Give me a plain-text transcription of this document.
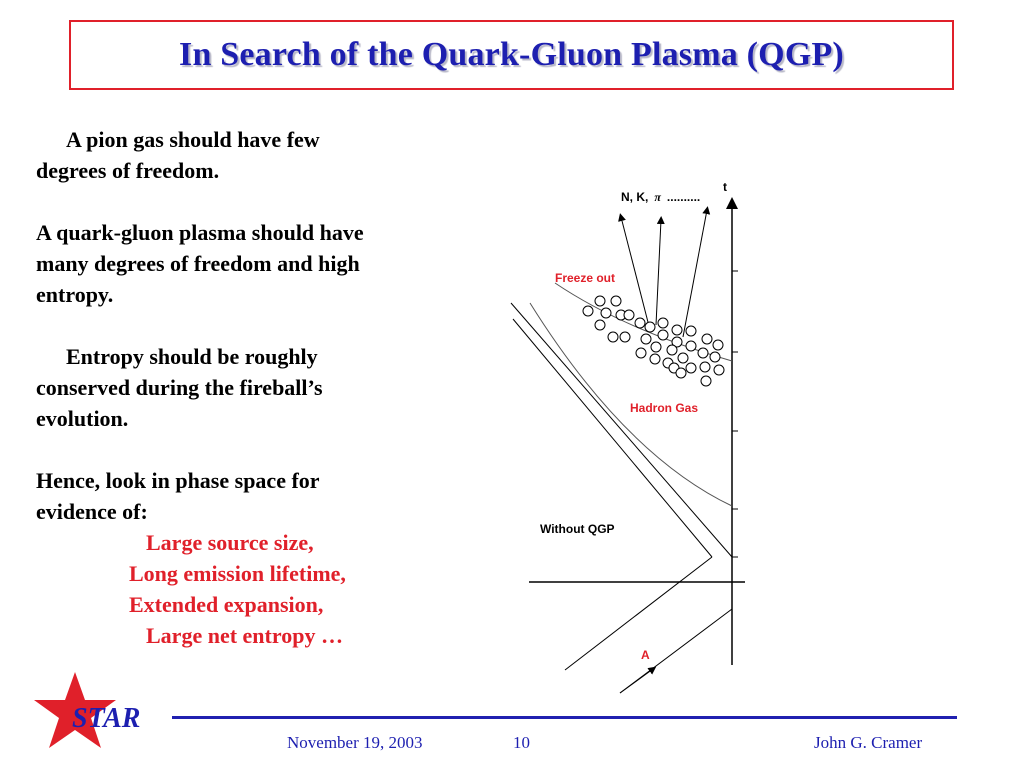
In Search of the Quark-Gluon Plasma (QGP)

A pion gas should have few

degrees of freedom.

A quark-gluon plasma should have

many degrees of freedom and high

entropy.

Entropy should be roughly

conserved during the fireball’s

evolution.

Hence, look in phase space for

evidence of:

Large source size,

Long emission lifetime,

Extended expansion,

Large net entropy …

t
N, K, π ..........
Freeze out
Hadron Gas
Without QGP
A
STAR
November 19, 2003	10	John G. Cramer
